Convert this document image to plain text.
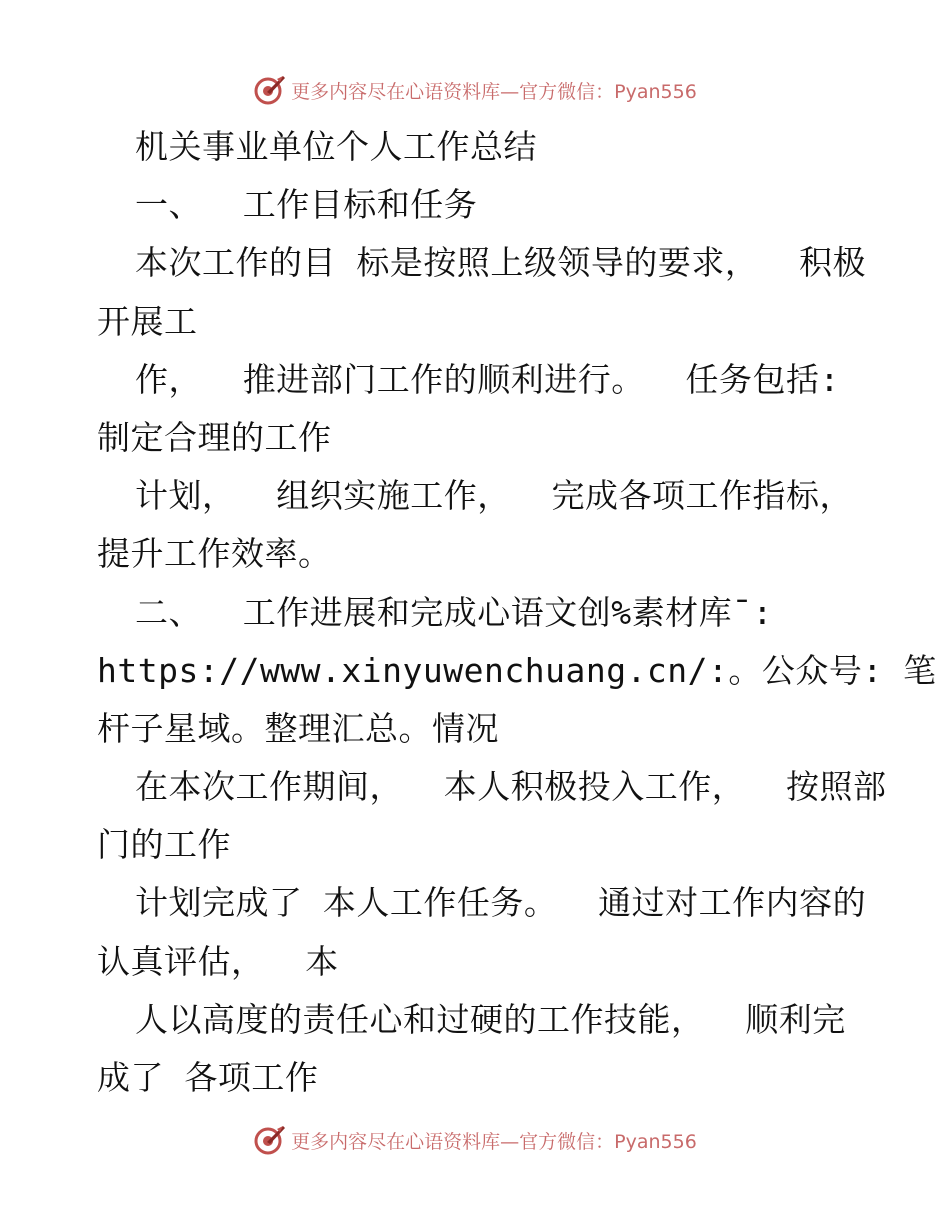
更多内容尽在心语资料库—官方微信：Pyan556
机关事业单位个人工作总结
一、  工作目标和任务
本次工作的目 标是按照上级领导的要求，  积极
开展工
作，  推进部门工作的顺利进行。  任务包括:
制定合理的工作
计划，  组织实施工作，  完成各项工作指标，
提升工作效率。
二、  工作进展和完成心语文创%素材库¯:
https://www.xinyuwenchuang.cn/:。公众号: 笔
杆子星域。整理汇总。情况
在本次工作期间，  本人积极投入工作，  按照部
门的工作
计划完成了 本人工作任务。  通过对工作内容的
认真评估，  本
人以高度的责任心和过硬的工作技能，  顺利完
成了 各项工作
更多内容尽在心语资料库—官方微信：Pyan556
